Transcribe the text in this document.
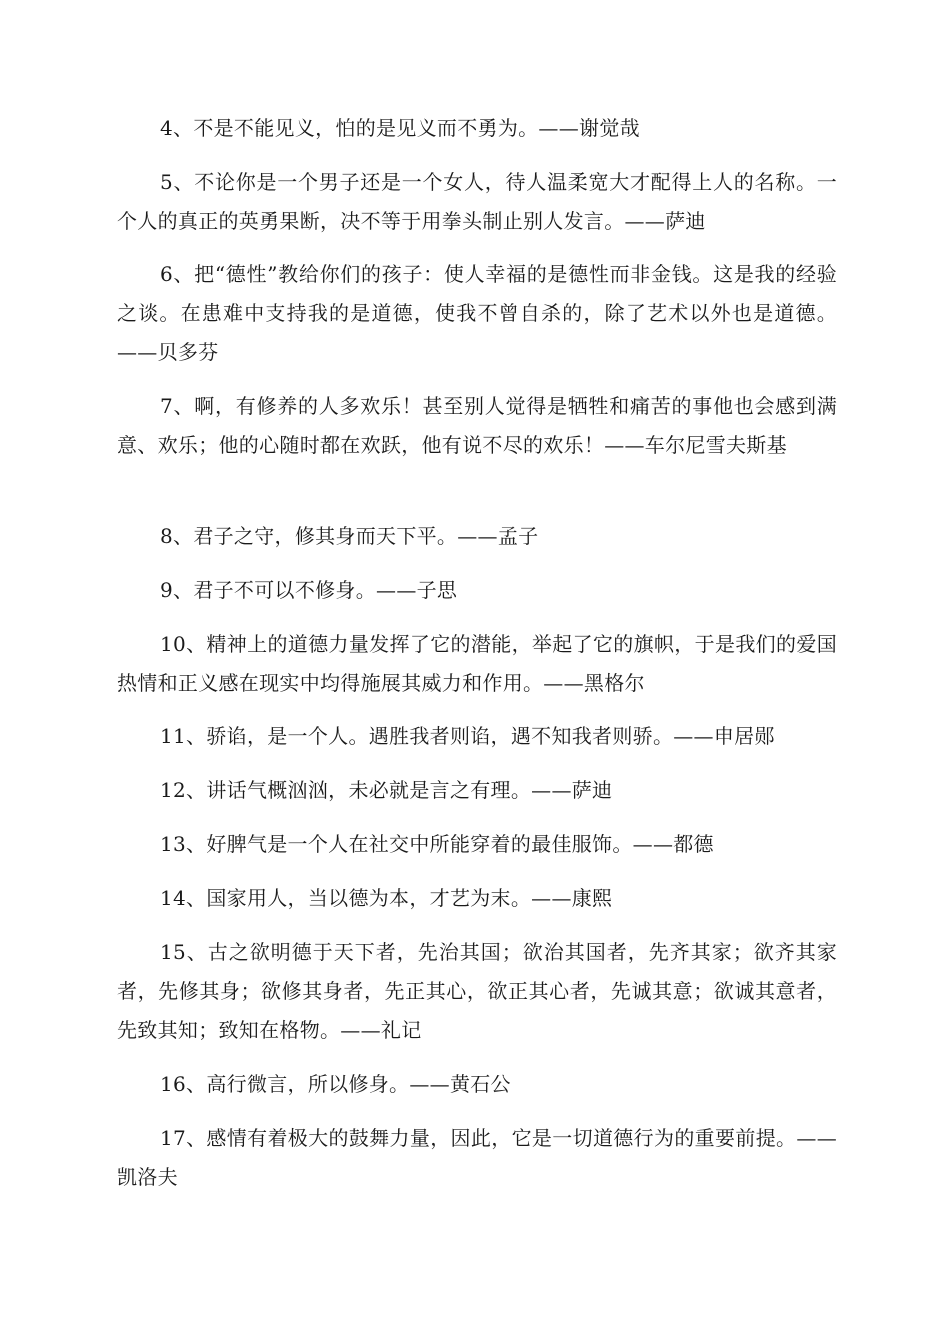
4、不是不能见义，怕的是见义而不勇为。——谢觉哉

5、不论你是一个男子还是一个女人，待人温柔宽大才配得上人的名称。一个人的真正的英勇果断，决不等于用拳头制止别人发言。——萨迪

6、把“德性”教给你们的孩子：使人幸福的是德性而非金钱。这是我的经验之谈。在患难中支持我的是道德，使我不曾自杀的，除了艺术以外也是道德。——贝多芬

7、啊，有修养的人多欢乐！甚至别人觉得是牺牲和痛苦的事他也会感到满意、欢乐；他的心随时都在欢跃，他有说不尽的欢乐！——车尔尼雪夫斯基

8、君子之守，修其身而天下平。——孟子

9、君子不可以不修身。——子思

10、精神上的道德力量发挥了它的潜能，举起了它的旗帜，于是我们的爱国热情和正义感在现实中均得施展其威力和作用。——黑格尔

11、骄谄，是一个人。遇胜我者则谄，遇不知我者则骄。——申居郧

12、讲话气概汹汹，未必就是言之有理。——萨迪

13、好脾气是一个人在社交中所能穿着的最佳服饰。——都德

14、国家用人，当以德为本，才艺为末。——康熙

15、古之欲明德于天下者，先治其国；欲治其国者，先齐其家；欲齐其家者，先修其身；欲修其身者，先正其心，欲正其心者，先诚其意；欲诚其意者，先致其知；致知在格物。——礼记

16、高行微言，所以修身。——黄石公

17、感情有着极大的鼓舞力量，因此，它是一切道德行为的重要前提。——凯洛夫
